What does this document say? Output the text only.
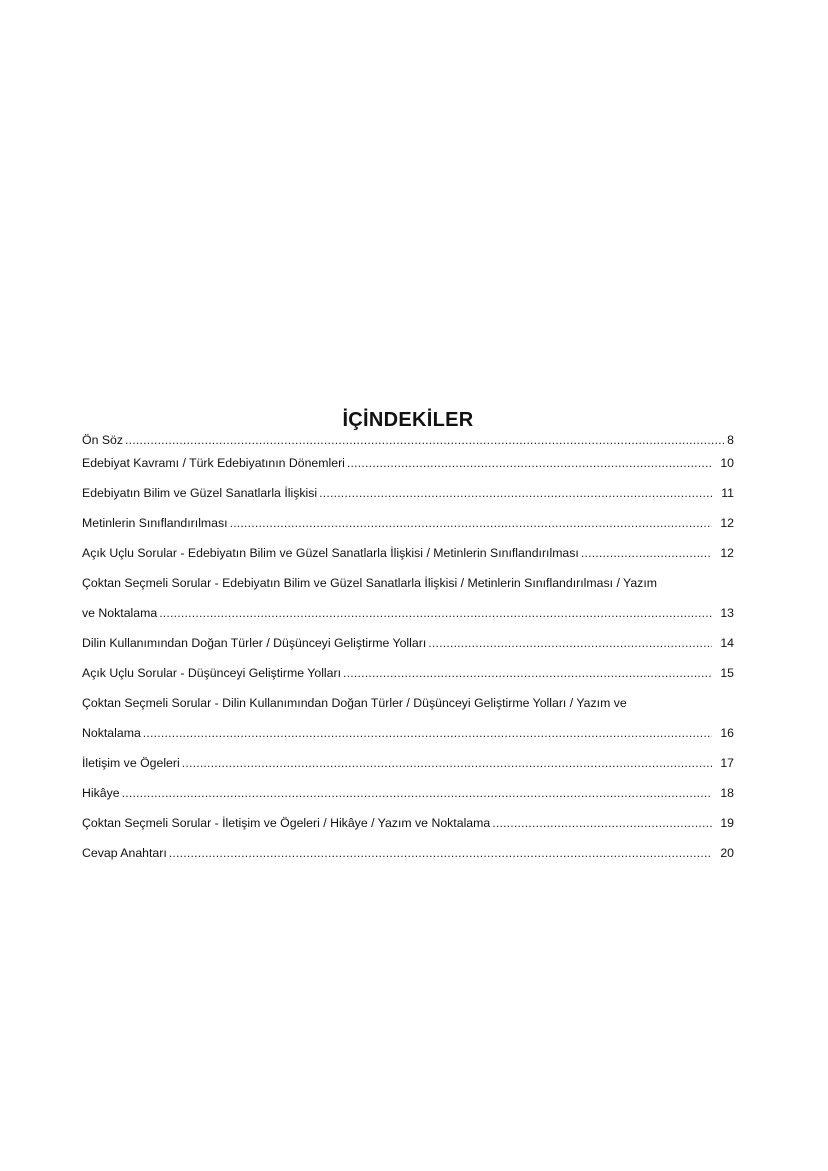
İÇİNDEKİLER
Ön Söz .....	8
Edebiyat Kavramı / Türk Edebiyatının Dönemleri .....	10
Edebiyatın Bilim ve Güzel Sanatlarla İlişkisi .....	11
Metinlerin Sınıflandırılması .....	12
Açık Uçlu Sorular - Edebiyatın Bilim ve Güzel Sanatlarla İlişkisi / Metinlerin Sınıflandırılması .....	12
Çoktan Seçmeli Sorular - Edebiyatın Bilim ve Güzel Sanatlarla İlişkisi / Metinlerin Sınıflandırılması / Yazım
ve Noktalama .....	13
Dilin Kullanımından Doğan Türler / Düşünceyi Geliştirme Yolları .....	14
Açık Uçlu Sorular - Düşünceyi Geliştirme Yolları .....	15
Çoktan Seçmeli Sorular - Dilin Kullanımından Doğan Türler / Düşünceyi Geliştirme Yolları / Yazım ve
Noktalama .....	16
İletişim ve Ögeleri .....	17
Hikâye .....	18
Çoktan Seçmeli Sorular - İletişim ve Ögeleri / Hikâye / Yazım ve Noktalama .....	19
Cevap Anahtarı .....	20
